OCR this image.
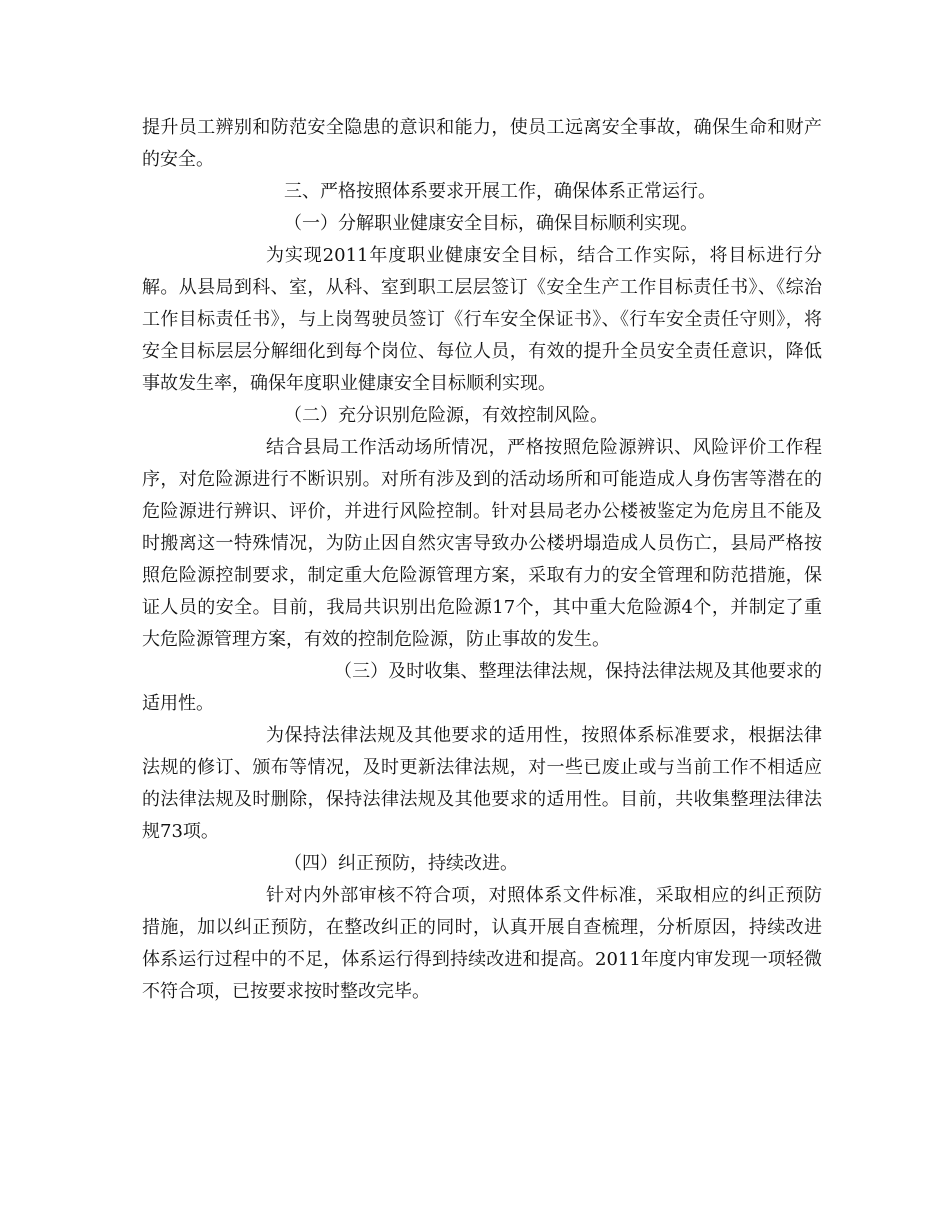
提升员工辨别和防范安全隐患的意识和能力，使员工远离安全事故，确保生命和财产的安全。

三、严格按照体系要求开展工作，确保体系正常运行。

（一）分解职业健康安全目标，确保目标顺利实现。

为实现2011年度职业健康安全目标，结合工作实际，将目标进行分解。从县局到科、室，从科、室到职工层层签订《安全生产工作目标责任书》、《综治工作目标责任书》，与上岗驾驶员签订《行车安全保证书》、《行车安全责任守则》，将安全目标层层分解细化到每个岗位、每位人员，有效的提升全员安全责任意识，降低事故发生率，确保年度职业健康安全目标顺利实现。

（二）充分识别危险源，有效控制风险。

结合县局工作活动场所情况，严格按照危险源辨识、风险评价工作程序，对危险源进行不断识别。对所有涉及到的活动场所和可能造成人身伤害等潜在的危险源进行辨识、评价，并进行风险控制。针对县局老办公楼被鉴定为危房且不能及时搬离这一特殊情况，为防止因自然灾害导致办公楼坍塌造成人员伤亡，县局严格按照危险源控制要求，制定重大危险源管理方案，采取有力的安全管理和防范措施，保证人员的安全。目前，我局共识别出危险源17个，其中重大危险源4个，并制定了重大危险源管理方案，有效的控制危险源，防止事故的发生。

（三）及时收集、整理法律法规，保持法律法规及其他要求的适用性。

为保持法律法规及其他要求的适用性，按照体系标准要求，根据法律法规的修订、颁布等情况，及时更新法律法规，对一些已废止或与当前工作不相适应的法律法规及时删除，保持法律法规及其他要求的适用性。目前，共收集整理法律法规73项。

（四）纠正预防，持续改进。

针对内外部审核不符合项，对照体系文件标准，采取相应的纠正预防措施，加以纠正预防，在整改纠正的同时，认真开展自查梳理，分析原因，持续改进体系运行过程中的不足，体系运行得到持续改进和提高。2011年度内审发现一项轻微不符合项，已按要求按时整改完毕。
